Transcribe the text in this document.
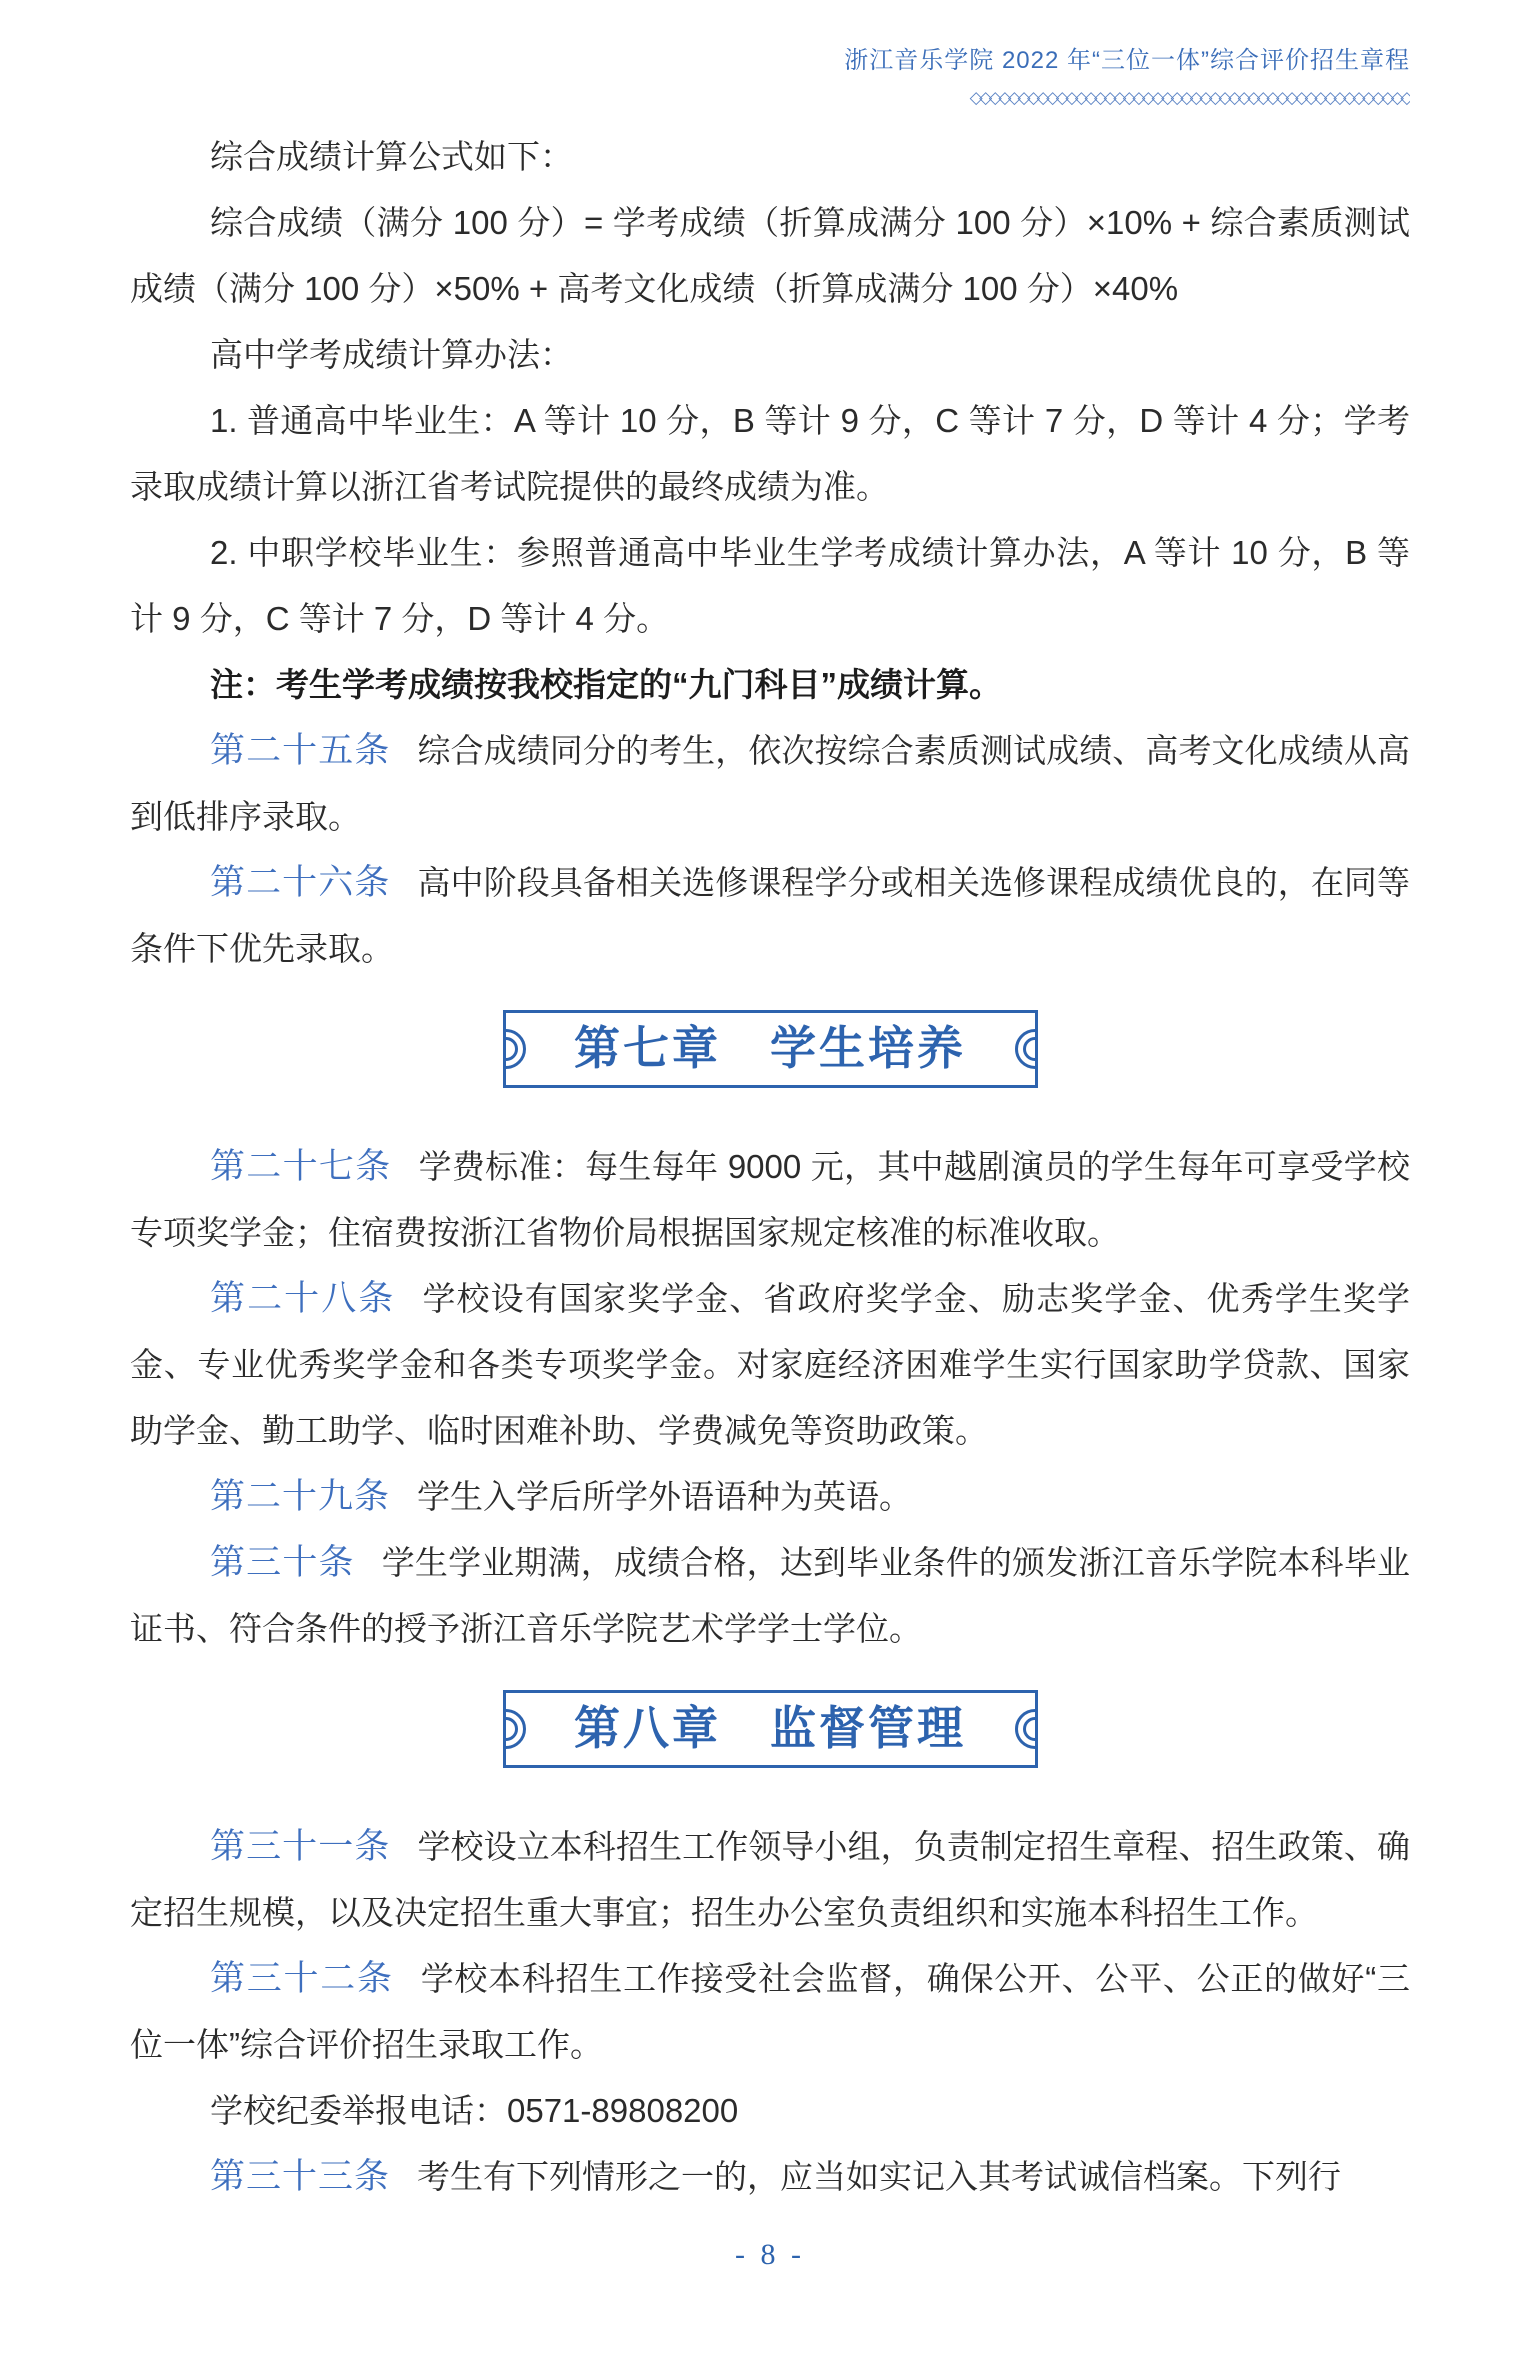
浙江音乐学院 2022 年“三位一体”综合评价招生章程
◇◇◇◇◇◇◇◇◇◇◇◇◇◇◇◇◇◇◇◇◇◇◇◇◇◇◇◇◇◇◇◇◇◇◇◇◇◇◇◇◇◇◇◇◇◇

综合成绩计算公式如下：

综合成绩（满分 100 分）= 学考成绩（折算成满分 100 分）×10% + 综合素质测试成绩（满分 100 分）×50% + 高考文化成绩（折算成满分 100 分）×40%

高中学考成绩计算办法：

1. 普通高中毕业生：A 等计 10 分，B 等计 9 分，C 等计 7 分，D 等计 4 分；学考录取成绩计算以浙江省考试院提供的最终成绩为准。

2. 中职学校毕业生：参照普通高中毕业生学考成绩计算办法，A 等计 10 分，B 等计 9 分，C 等计 7 分，D 等计 4 分。

注：考生学考成绩按我校指定的“九门科目”成绩计算。

第二十五条 综合成绩同分的考生，依次按综合素质测试成绩、高考文化成绩从高到低排序录取。

第二十六条 高中阶段具备相关选修课程学分或相关选修课程成绩优良的，在同等条件下优先录取。

第七章　学生培养

第二十七条 学费标准：每生每年 9000 元，其中越剧演员的学生每年可享受学校专项奖学金；住宿费按浙江省物价局根据国家规定核准的标准收取。

第二十八条 学校设有国家奖学金、省政府奖学金、励志奖学金、优秀学生奖学金、专业优秀奖学金和各类专项奖学金。对家庭经济困难学生实行国家助学贷款、国家助学金、勤工助学、临时困难补助、学费减免等资助政策。

第二十九条 学生入学后所学外语语种为英语。

第三十条 学生学业期满，成绩合格，达到毕业条件的颁发浙江音乐学院本科毕业证书、符合条件的授予浙江音乐学院艺术学学士学位。

第八章　监督管理

第三十一条 学校设立本科招生工作领导小组，负责制定招生章程、招生政策、确定招生规模，以及决定招生重大事宜；招生办公室负责组织和实施本科招生工作。

第三十二条 学校本科招生工作接受社会监督，确保公开、公平、公正的做好“三位一体”综合评价招生录取工作。

学校纪委举报电话：0571-89808200

第三十三条 考生有下列情形之一的，应当如实记入其考试诚信档案。下列行

- 8 -
